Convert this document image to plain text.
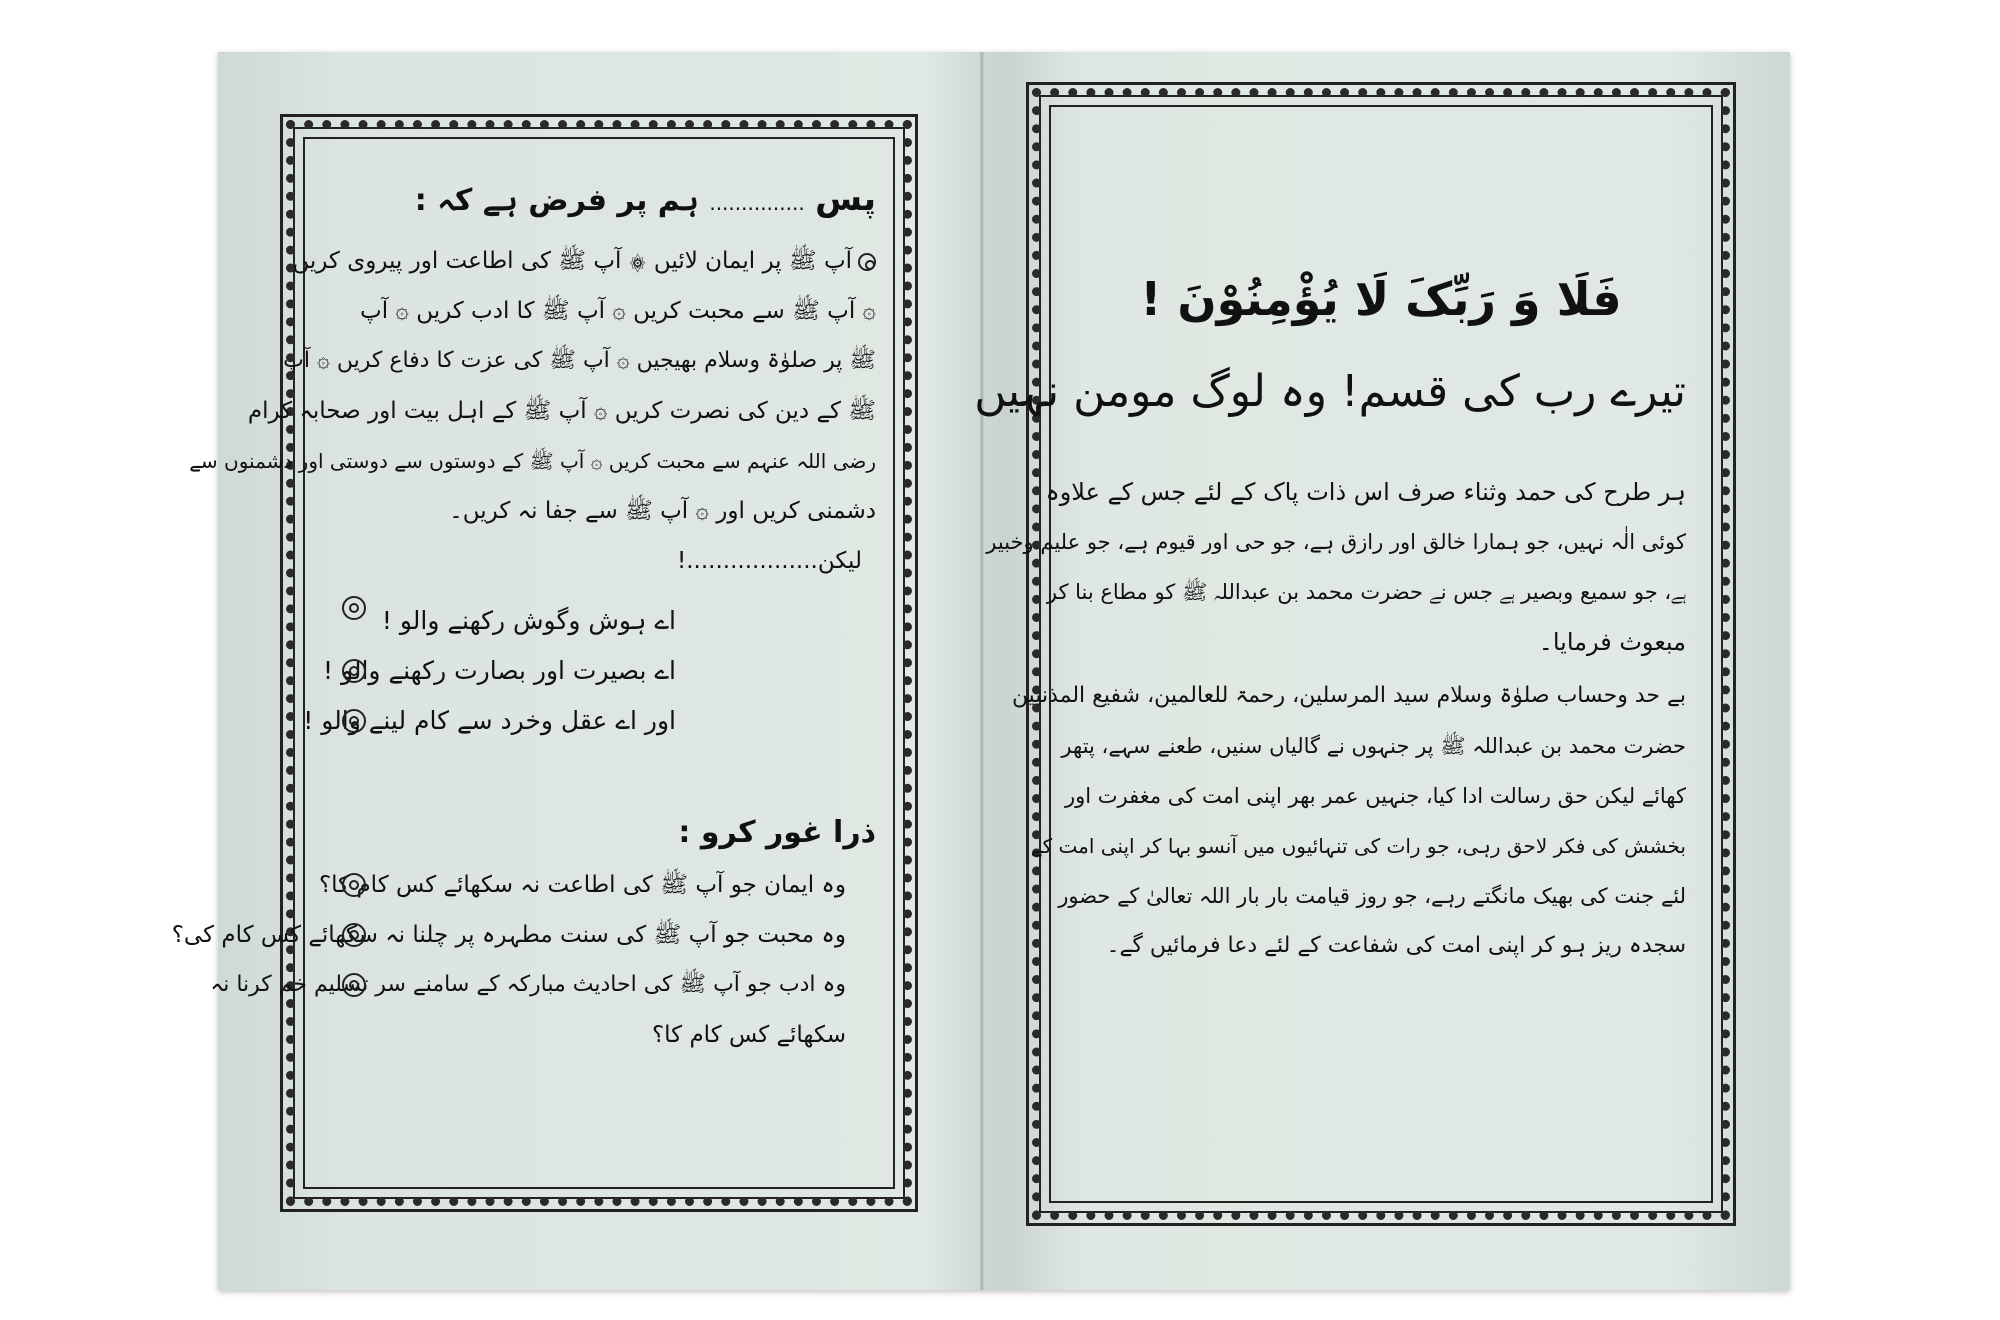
پس ............... ہم پر فرض ہے کہ :
آپ ﷺ پر ایمان لائیں ۞ آپ ﷺ کی اطاعت اور پیروی کریں
۞ آپ ﷺ سے محبت کریں ۞ آپ ﷺ کا ادب کریں ۞ آپ
ﷺ پر صلوٰۃ وسلام بھیجیں ۞ آپ ﷺ کی عزت کا دفاع کریں ۞ آپ
ﷺ کے دین کی نصرت کریں ۞ آپ ﷺ کے اہل بیت اور صحابہ کرام
رضی اللہ عنہم سے محبت کریں ۞ آپ ﷺ کے دوستوں سے دوستی اور دشمنوں سے
دشمنی کریں اور ۞ آپ ﷺ سے جفا نہ کریں۔
لیکن..................!
اے ہوش وگوش رکھنے والو !
اے بصیرت اور بصارت رکھنے والو !
اور اے عقل وخرد سے کام لینے والو !
ذرا غور کرو :
وہ ایمان جو آپ ﷺ کی اطاعت نہ سکھائے کس کام کا؟
وہ محبت جو آپ ﷺ کی سنت مطہرہ پر چلنا نہ سکھائے کس کام کی؟
وہ ادب جو آپ ﷺ کی احادیث مبارکہ کے سامنے سر تسلیم خم کرنا نہ
سکھائے کس کام کا؟
فَلَا وَ رَبِّکَ لَا یُؤْمِنُوْنَ !
تیرے رب کی قسم! وہ لوگ مومن نہیں
ہر طرح کی حمد وثناء صرف اس ذات پاک کے لئے جس کے علاوہ
کوئی الٰہ نہیں، جو ہمارا خالق اور رازق ہے، جو حی اور قیوم ہے، جو علیم وخبیر
ہے، جو سمیع وبصیر ہے جس نے حضرت محمد بن عبداللہ ﷺ کو مطاع بنا کر
مبعوث فرمایا۔
بے حد وحساب صلوٰۃ وسلام سید المرسلین، رحمۃ للعالمین، شفیع المذنبین
حضرت محمد بن عبداللہ ﷺ پر جنہوں نے گالیاں سنیں، طعنے سہے، پتھر
کھائے لیکن حق رسالت ادا کیا، جنہیں عمر بھر اپنی امت کی مغفرت اور
بخشش کی فکر لاحق رہی، جو رات کی تنہائیوں میں آنسو بہا کر اپنی امت کے
لئے جنت کی بھیک مانگتے رہے، جو روز قیامت بار بار اللہ تعالیٰ کے حضور
سجدہ ریز ہو کر اپنی امت کی شفاعت کے لئے دعا فرمائیں گے۔
